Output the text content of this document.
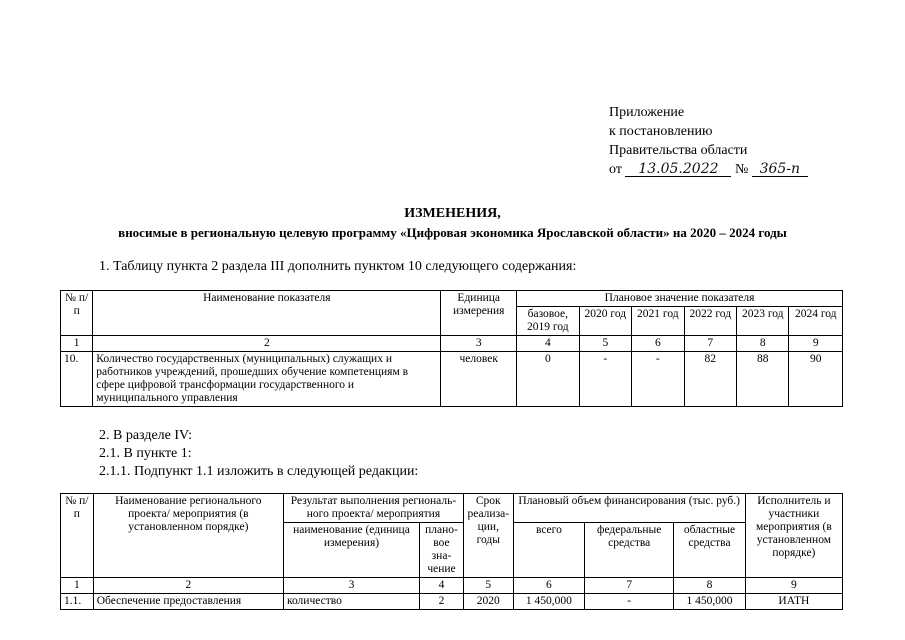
Приложение
к постановлению
Правительства области
от 13.05.2022 № 365-п
ИЗМЕНЕНИЯ,
вносимые в региональную целевую программу «Цифровая экономика Ярославской области» на 2020 – 2024 годы
1. Таблицу пункта 2 раздела III дополнить пунктом 10 следующего содержания:
№ п/п	Наименование показателя	Единица измерения	Плановое значение показателя					
			базовое, 2019 год	2020 год	2021 год	2022 год	2023 год	2024 год
1	2	3	4	5	6	7	8	9
10.	Количество государственных (муниципальных) служащих и работников учреждений, прошедших обучение компетенциям в сфере цифровой трансформации государственного и муниципального управления	человек	0	-	-	82	88	90
2. В разделе IV:
2.1. В пункте 1:
2.1.1. Подпункт 1.1 изложить в следующей редакции:
№ п/п	Наименование регионального проекта/ мероприятия (в установленном порядке)	Результат выполнения региональ-ного проекта/ мероприятия		Срок реализа-ции, годы	Плановый объем финансирования (тыс. руб.)			Исполнитель и участники мероприятия (в установленном порядке)
		наименование (единица измерения)	плано-вое зна-чение		всего	федеральные средства	областные средства	
1	2	3	4	5	6	7	8	9
1.1.	Обеспечение предоставления	количество	2	2020	1 450,000	-	1 450,000	ИАТН
